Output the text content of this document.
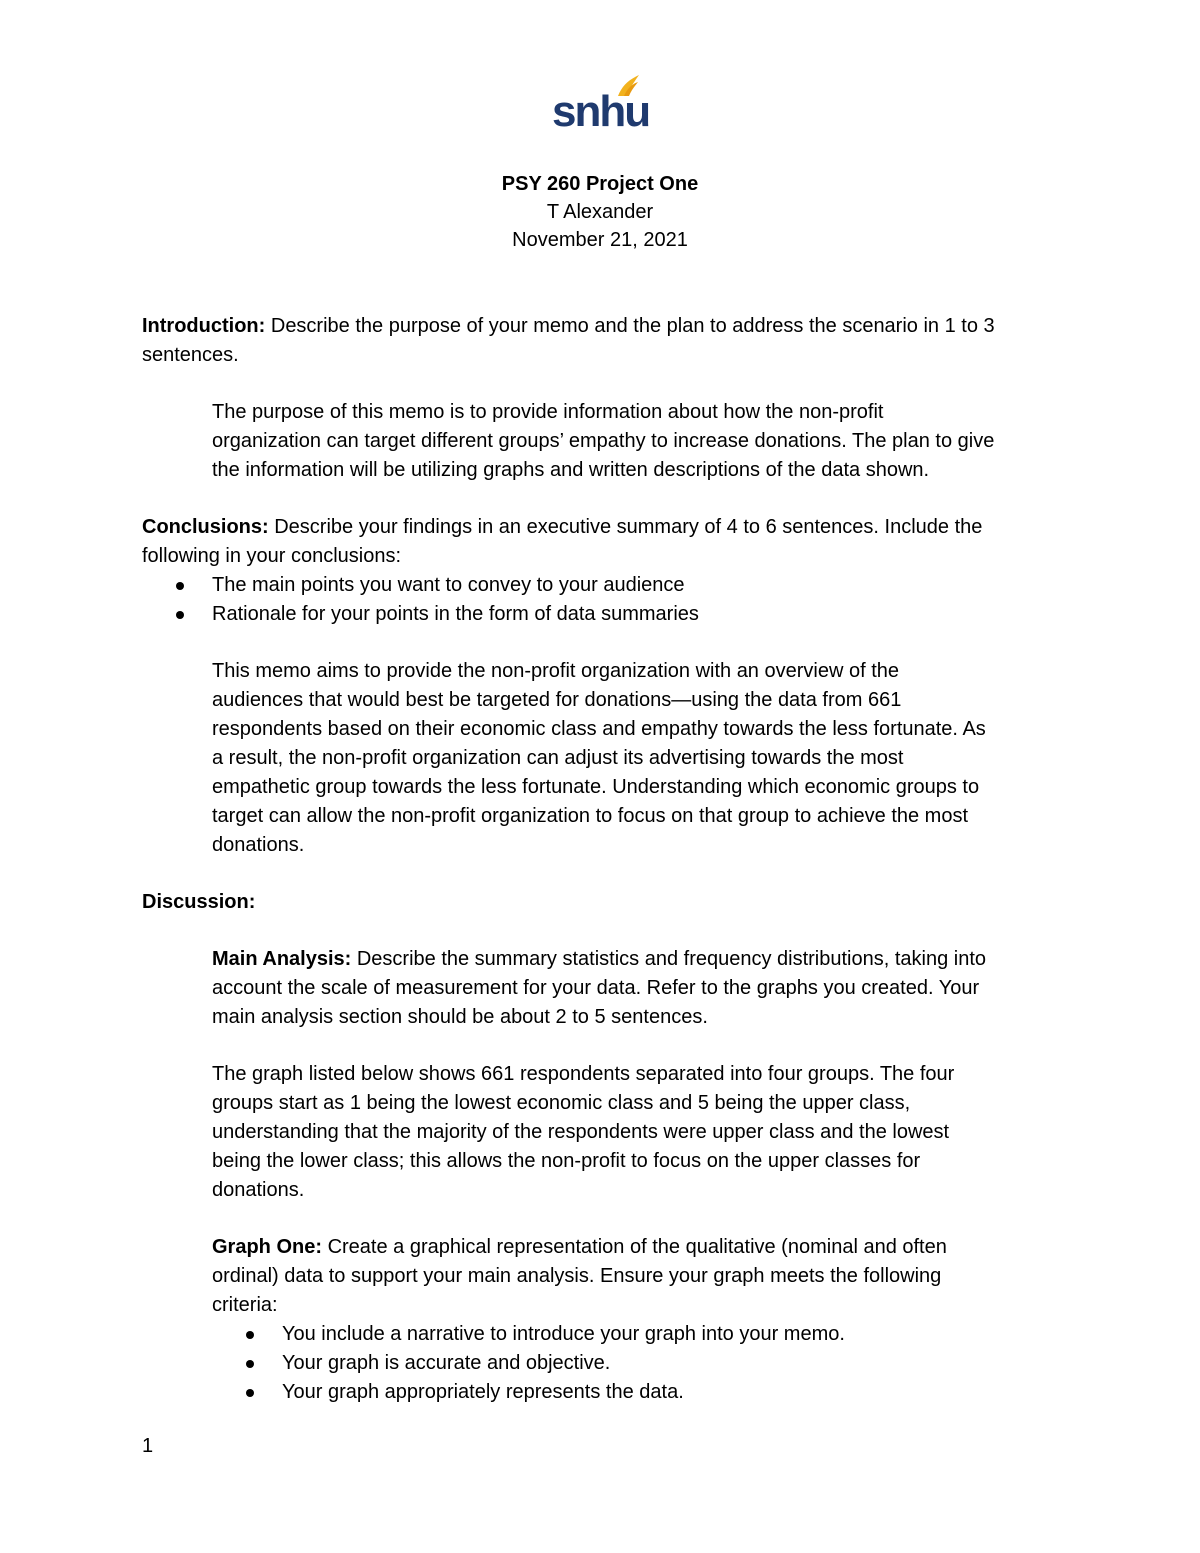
snhu
PSY 260 Project One
T Alexander
November 21, 2021

Introduction: Describe the purpose of your memo and the plan to address the scenario in 1 to 3 sentences.

The purpose of this memo is to provide information about how the non-profit
organization can target different groups’ empathy to increase donations. The plan to give
the information will be utilizing graphs and written descriptions of the data shown.
Conclusions: Describe your findings in an executive summary of 4 to 6 sentences. Include the
following in your conclusions:
The main points you want to convey to your audience
Rationale for your points in the form of data summaries
This memo aims to provide the non-profit organization with an overview of the
audiences that would best be targeted for donations—using the data from 661
respondents based on their economic class and empathy towards the less fortunate. As
a result, the non-profit organization can adjust its advertising towards the most
empathetic group towards the less fortunate. Understanding which economic groups to
target can allow the non-profit organization to focus on that group to achieve the most
donations.
Discussion:
Main Analysis: Describe the summary statistics and frequency distributions, taking into
account the scale of measurement for your data. Refer to the graphs you created. Your
main analysis section should be about 2 to 5 sentences.
The graph listed below shows 661 respondents separated into four groups. The four
groups start as 1 being the lowest economic class and 5 being the upper class,
understanding that the majority of the respondents were upper class and the lowest
being the lower class; this allows the non-profit to focus on the upper classes for
donations.
Graph One: Create a graphical representation of the qualitative (nominal and often
ordinal) data to support your main analysis. Ensure your graph meets the following
criteria:
You include a narrative to introduce your graph into your memo.
Your graph is accurate and objective.
Your graph appropriately represents the data.
1
